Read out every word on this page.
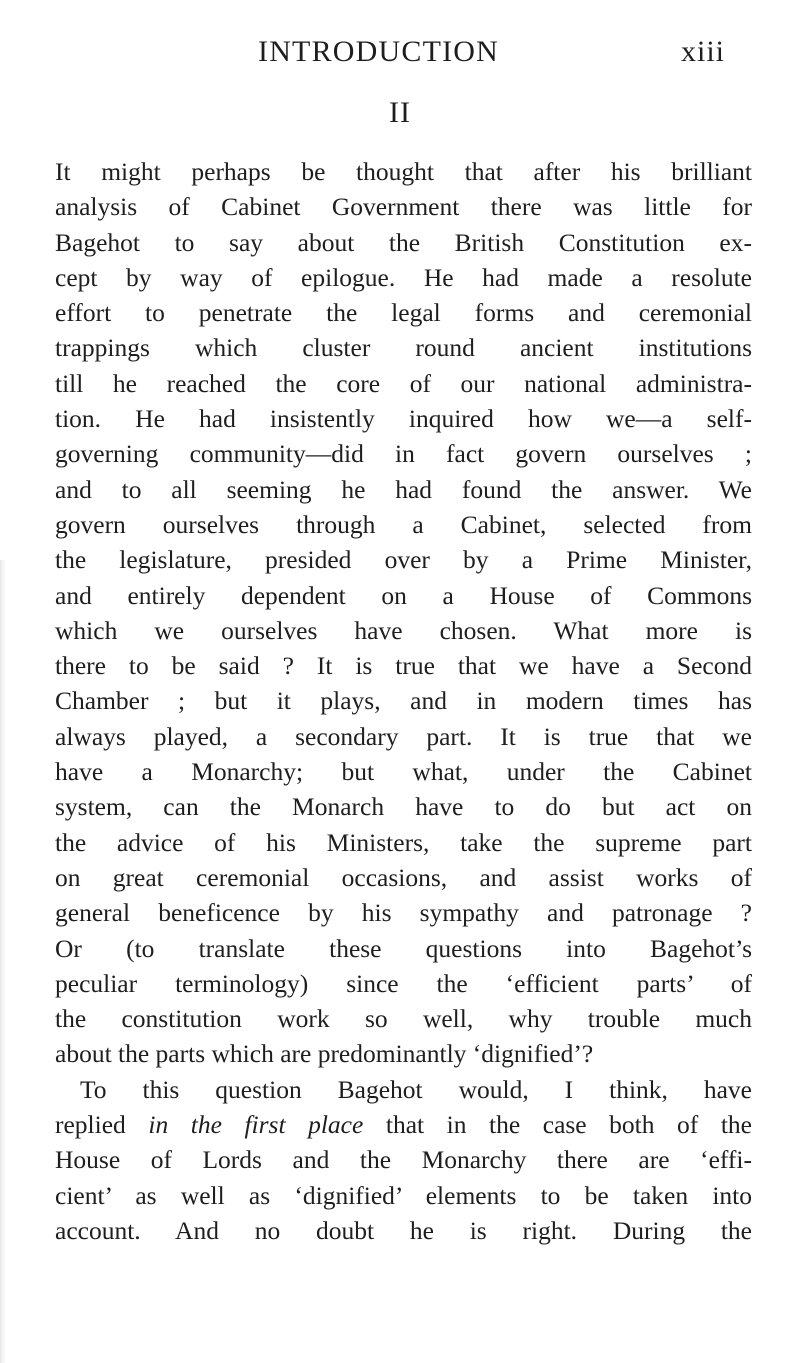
INTRODUCTION	xiii
II
It might perhaps be thought that after his brilliant
analysis of Cabinet Government there was little for
Bagehot to say about the British Constitution ex-
cept by way of epilogue. He had made a resolute
effort to penetrate the legal forms and ceremonial
trappings which cluster round ancient institutions
till he reached the core of our national administra-
tion. He had insistently inquired how we—a self-
governing community—did in fact govern ourselves ;
and to all seeming he had found the answer. We
govern ourselves through a Cabinet, selected from
the legislature, presided over by a Prime Minister,
and entirely dependent on a House of Commons
which we ourselves have chosen. What more is
there to be said ? It is true that we have a Second
Chamber ; but it plays, and in modern times has
always played, a secondary part. It is true that we
have a Monarchy; but what, under the Cabinet
system, can the Monarch have to do but act on
the advice of his Ministers, take the supreme part
on great ceremonial occasions, and assist works of
general beneficence by his sympathy and patronage ?
Or (to translate these questions into Bagehot’s
peculiar terminology) since the ‘efficient parts’ of
the constitution work so well, why trouble much
about the parts which are predominantly ‘dignified’?
To this question Bagehot would, I think, have
replied in the first place that in the case both of the
House of Lords and the Monarchy there are ‘effi-
cient’ as well as ‘dignified’ elements to be taken into
account. And no doubt he is right. During the
